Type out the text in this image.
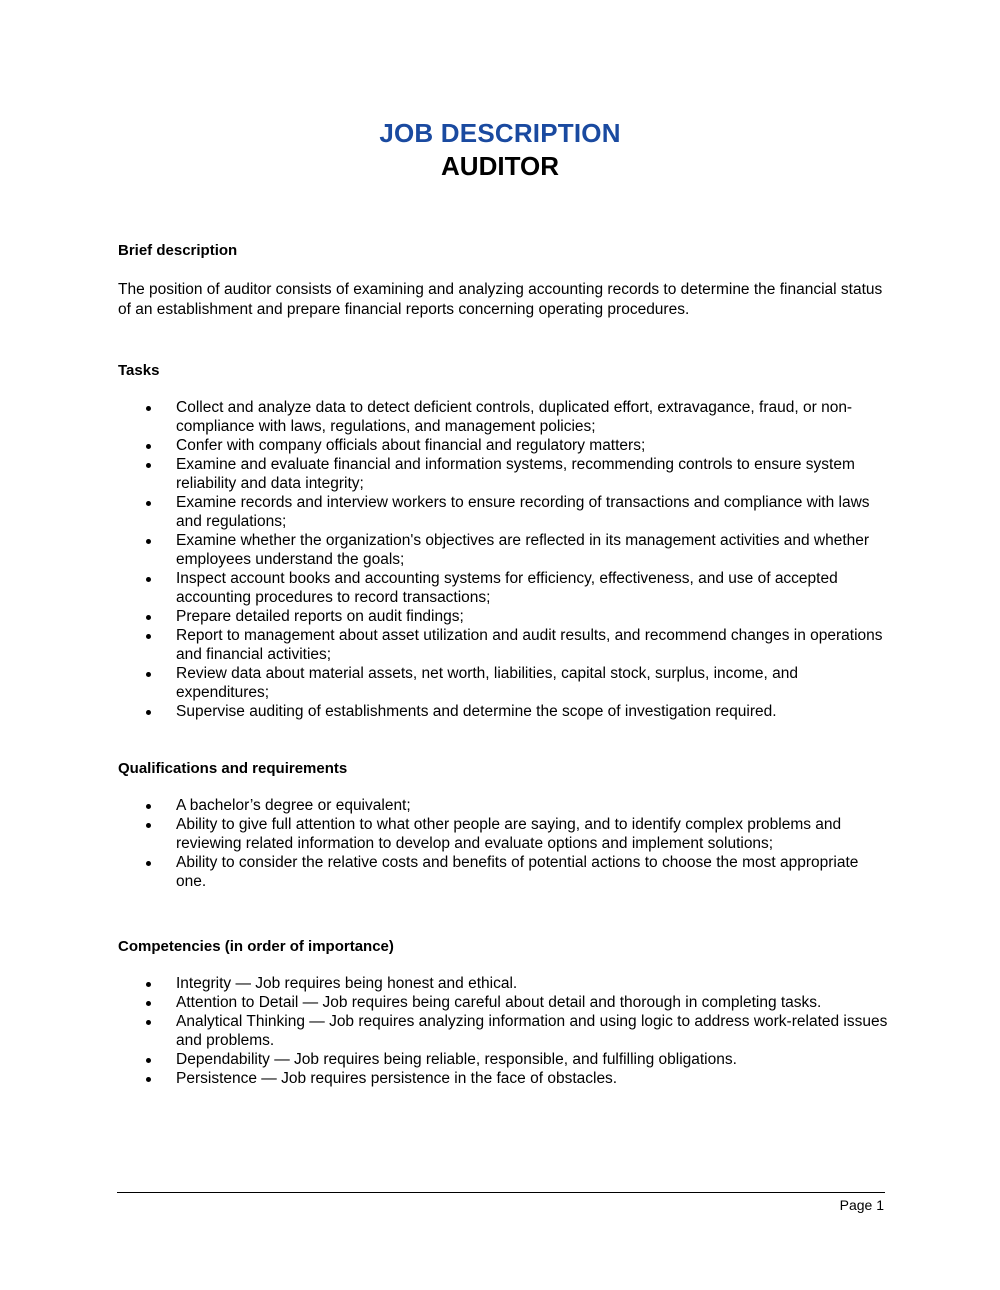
JOB DESCRIPTION
AUDITOR
Brief description

The position of auditor consists of examining and analyzing accounting records to determine the financial status of an establishment and prepare financial reports concerning operating procedures.

Tasks
Collect and analyze data to detect deficient controls, duplicated effort, extravagance, fraud, or non-compliance with laws, regulations, and management policies;
Confer with company officials about financial and regulatory matters;
Examine and evaluate financial and information systems, recommending controls to ensure system reliability and data integrity;
Examine records and interview workers to ensure recording of transactions and compliance with laws and regulations;
Examine whether the organization's objectives are reflected in its management activities and whether employees understand the goals;
Inspect account books and accounting systems for efficiency, effectiveness, and use of accepted accounting procedures to record transactions;
Prepare detailed reports on audit findings;
Report to management about asset utilization and audit results, and recommend changes in operations and financial activities;
Review data about material assets, net worth, liabilities, capital stock, surplus, income, and expenditures;
Supervise auditing of establishments and determine the scope of investigation required.
Qualifications and requirements
A bachelor’s degree or equivalent;
Ability to give full attention to what other people are saying, and to identify complex problems and reviewing related information to develop and evaluate options and implement solutions;
Ability to consider the relative costs and benefits of potential actions to choose the most appropriate one.
Competencies (in order of importance)
Integrity — Job requires being honest and ethical.
Attention to Detail — Job requires being careful about detail and thorough in completing tasks.
Analytical Thinking — Job requires analyzing information and using logic to address work-related issues and problems.
Dependability — Job requires being reliable, responsible, and fulfilling obligations.
Persistence — Job requires persistence in the face of obstacles.
Page 1
